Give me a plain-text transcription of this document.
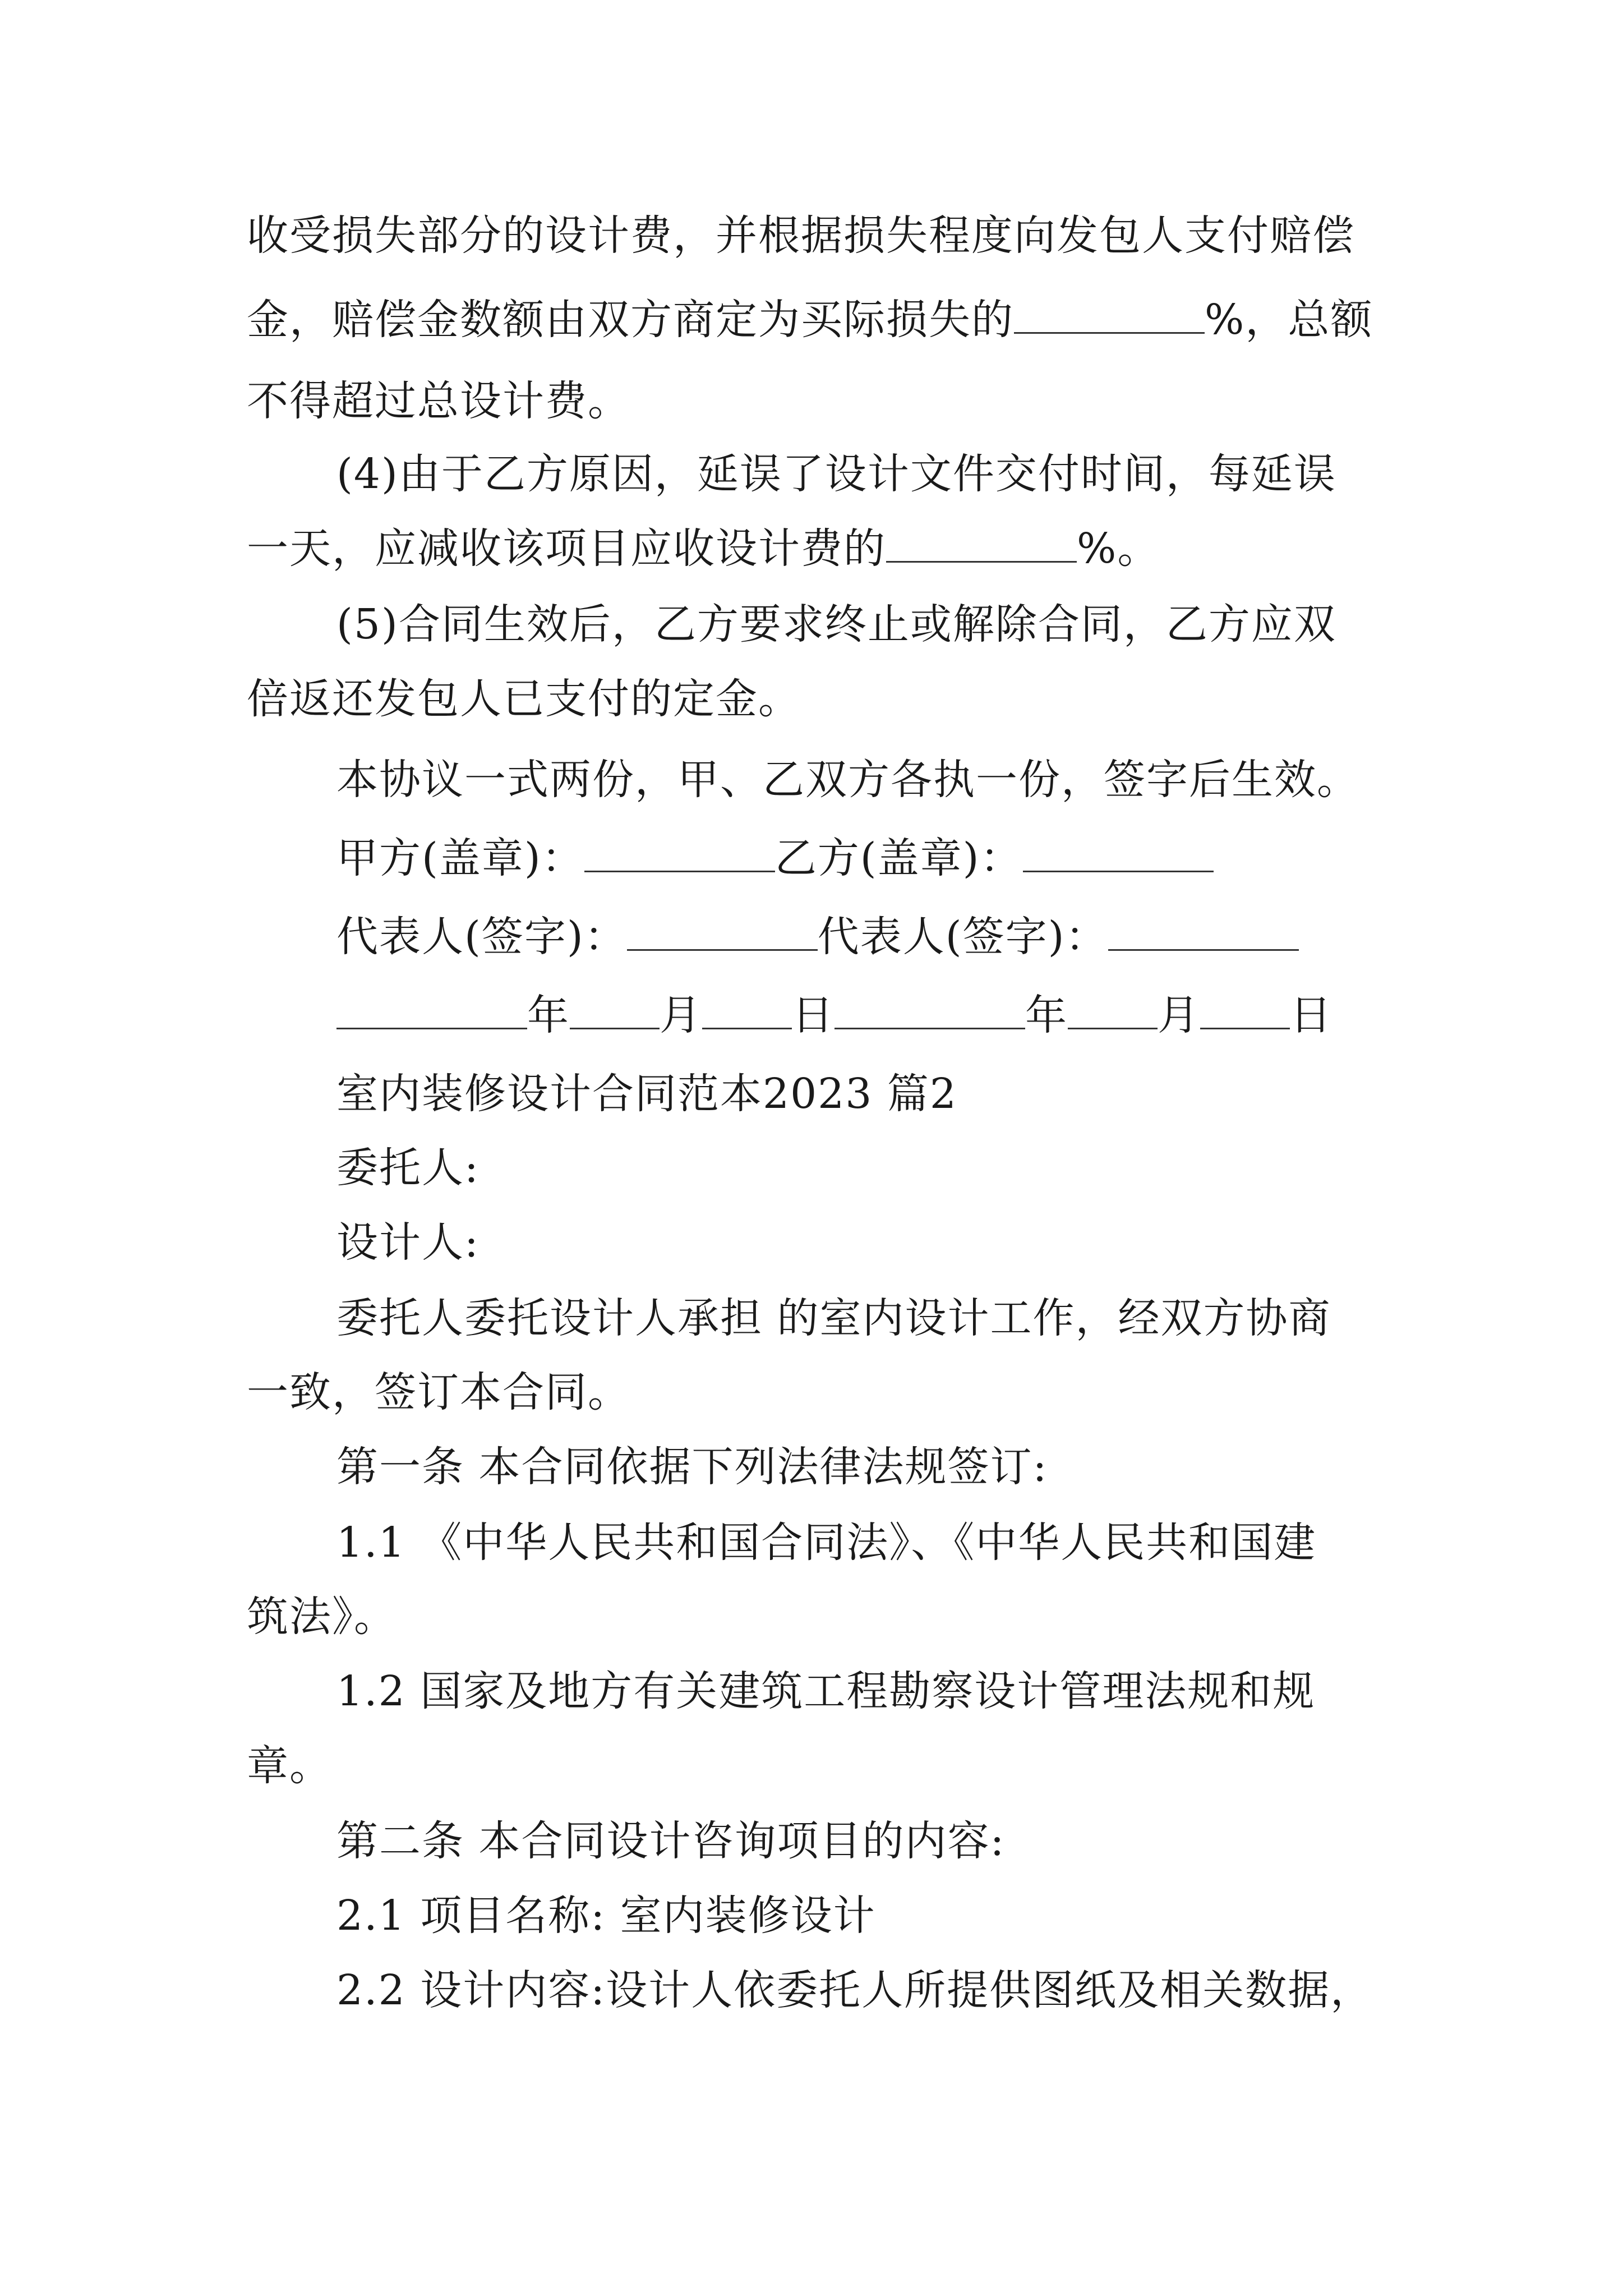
收受损失部分的设计费，并根据损失程度向发包人支付赔偿
金，赔偿金数额由双方商定为买际损失的	%，总额
不得超过总设计费。
(4)由于乙方原因，延误了设计文件交付时间，每延误
一天，应减收该项目应收设计费的	%。
(5)合同生效后，乙方要求终止或解除合同，乙方应双
倍返还发包人已支付的定金。
本协议一式两份，甲、乙双方各执一份，签字后生效。
甲方(盖章)：	乙方(盖章)：
代表人(签字)：	代表人(签字)：
年 月 日	年 月 日
室内装修设计合同范本2023 篇2
委托人:
设计人:
委托人委托设计人承担 的室内设计工作，经双方协商
一致，签订本合同。
第一条 本合同依据下列法律法规签订:
1.1 《中华人民共和国合同法》、《中华人民共和国建
筑法》。
1.2 国家及地方有关建筑工程勘察设计管理法规和规
章。
第二条 本合同设计咨询项目的内容:
2.1 项目名称: 室内装修设计
2.2 设计内容:设计人依委托人所提供图纸及相关数据，
